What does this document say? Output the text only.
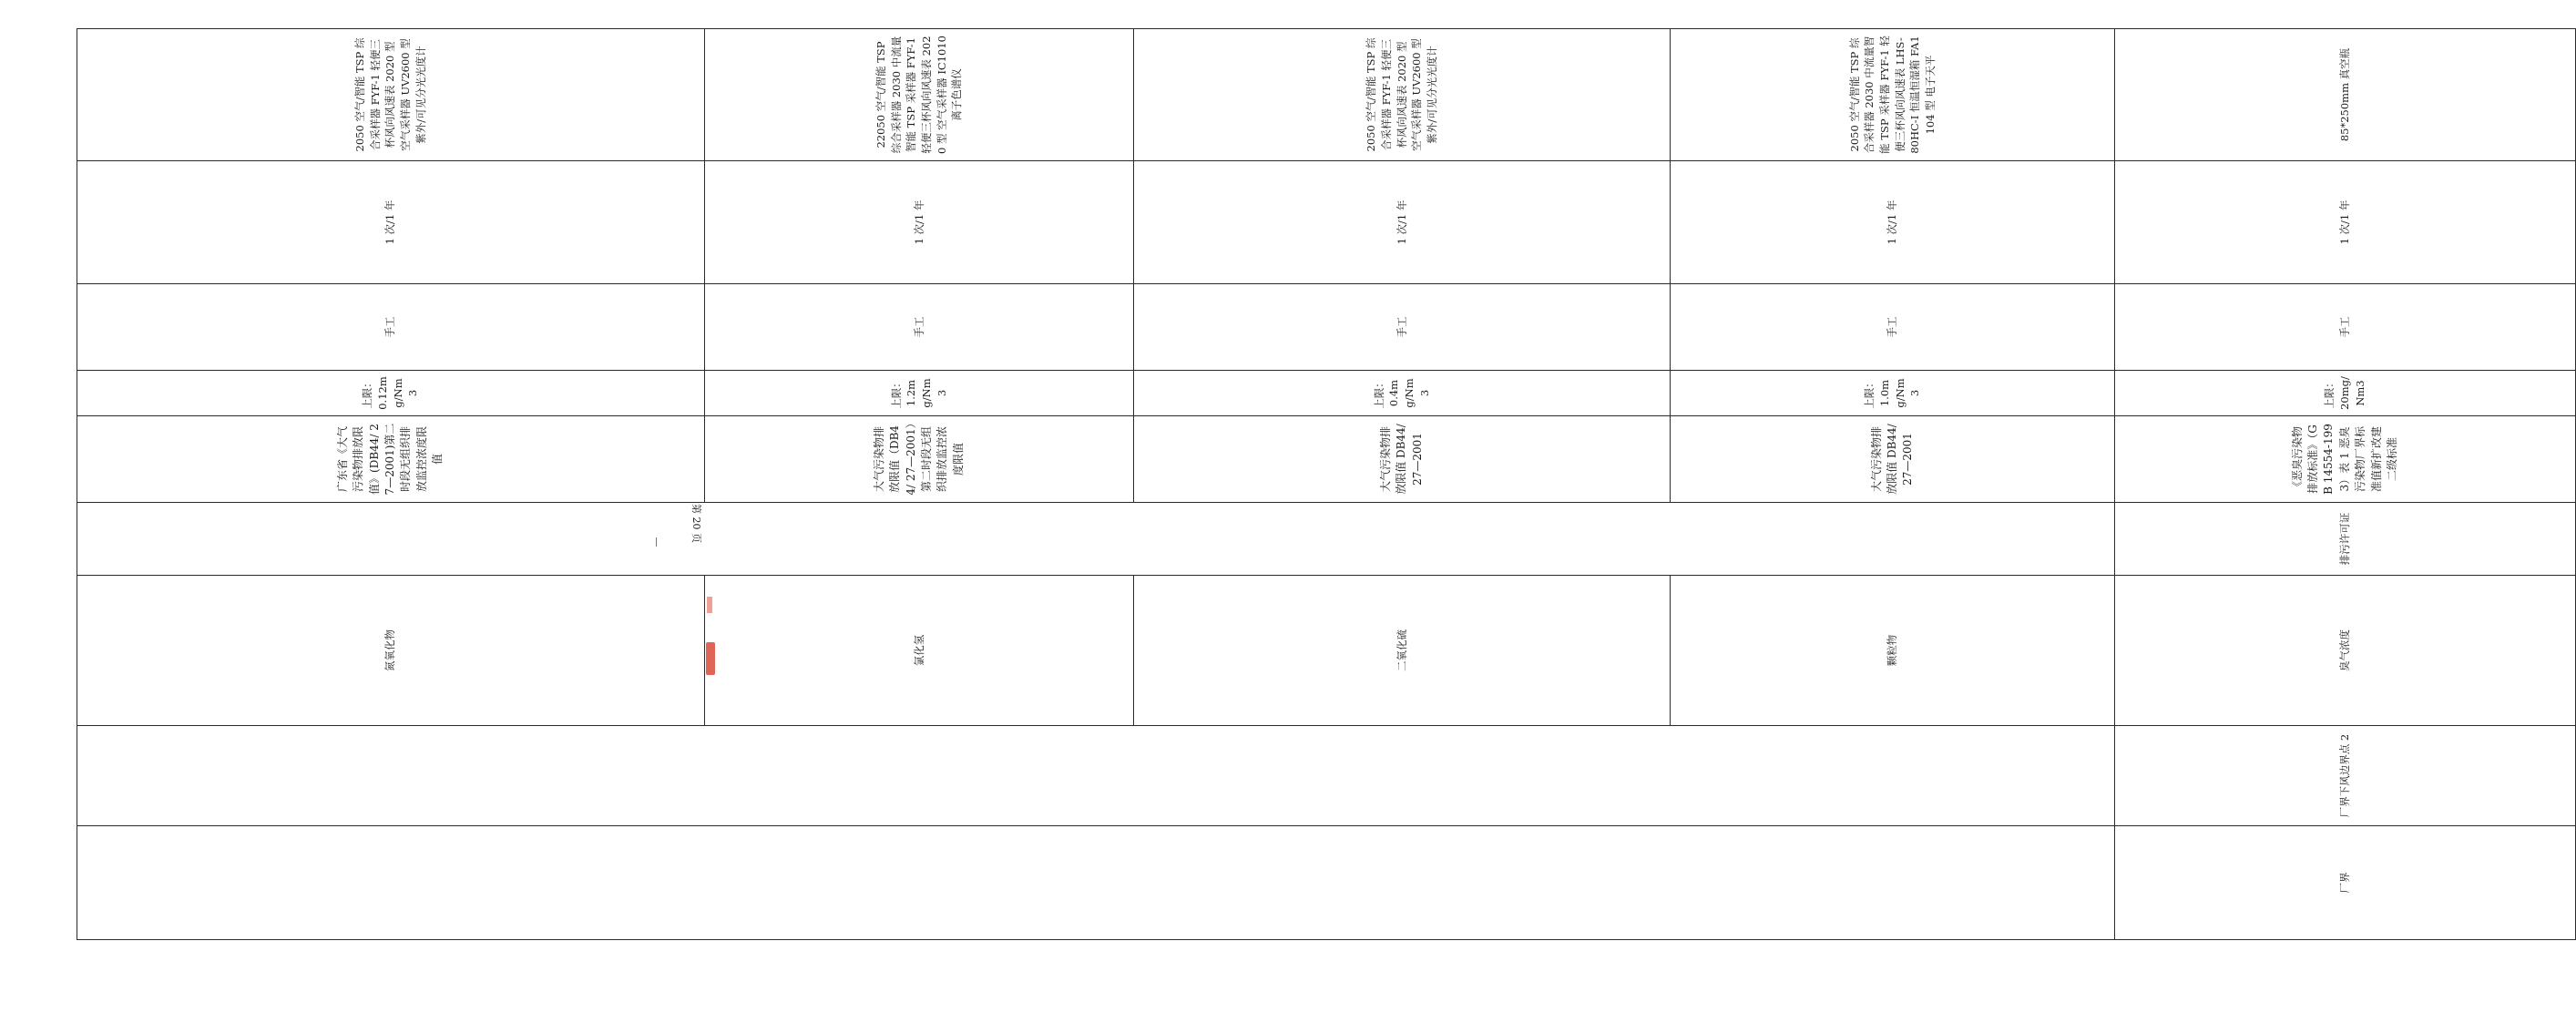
		氮氧化物		广东省《大气污染物排放限值》(DB44/ 27—2001)第二时段无组织排放监控浓度限值	上限：0.12mg/Nm3	手工	1 次/1 年	2050 空气/智能 TSP 综合采样器 FYF-1 轻便三杯风向风速表 2020 型 空气采样器 UV2600 型 紫外/可见分光光度计	
		氯化氢		大气污染物排放限值（DB44/ 27—2001）第二时段无组织排放监控浓度限值	上限：1.2mg/Nm3	手工	1 次/1 年	22050 空气/智能 TSP 综合采样器 2030 中流量智能 TSP 采样器 FYF-1 轻便三杯风向风速表 2020 型 空气采样器 IC1010 离子色谱仪	
		二氧化硫		大气污染物排放限值 DB44/ 27—2001	上限：0.4mg/Nm3	手工	1 次/1 年	2050 空气/智能 TSP 综合采样器 FYF-1 轻便三杯风向风速表 2020 型 空气采样器 UV2600 型 紫外/可见分光光度计	
		颗粒物		大气污染物排放限值 DB44/ 27—2001	上限：1.0mg/Nm3	手工	1 次/1 年	2050 空气/智能 TSP 综合采样器 2030 中流量智能 TSP 采样器 FYF-1 轻便三杯风向风速表 LHS-80HC-I 恒温恒湿箱 FA1104 型 电子天平	
厂界	厂界下风边界点 2	臭气浓度	排污许可证	《恶臭污染物排放标准》（GB 14554-1993）表 1 恶臭污染物厂界标准值新扩改建二级标准	上限：20mg/Nm3	手工	1 次/1 年	85*250mm 真空瓶	
第 20 页
